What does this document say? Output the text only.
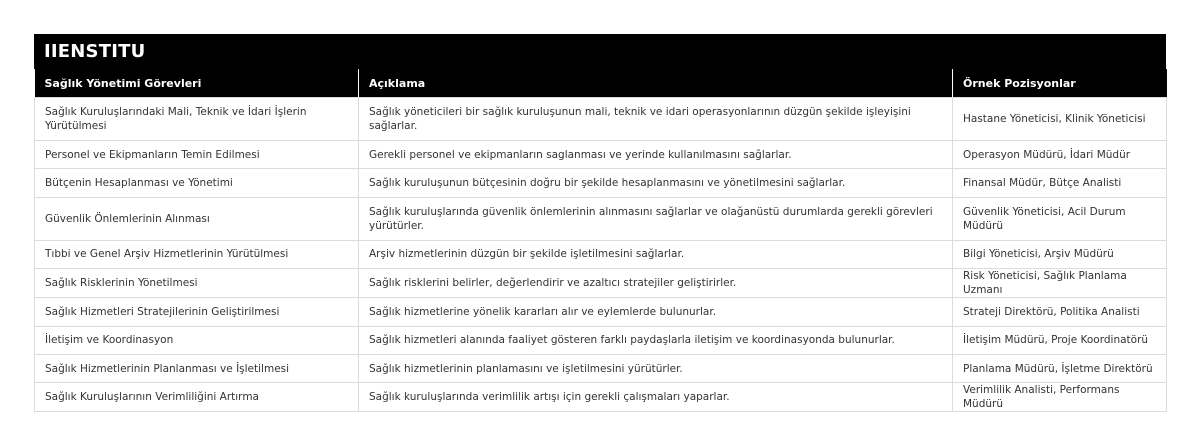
IIENSTITU
Sağlık Yönetimi Görevleri	Açıklama	Örnek Pozisyonlar
Sağlık Kuruluşlarındaki Mali, Teknik ve İdari İşlerin Yürütülmesi	Sağlık yöneticileri bir sağlık kuruluşunun mali, teknik ve idari operasyonlarının düzgün şekilde işleyişini sağlarlar.	Hastane Yöneticisi, Klinik Yöneticisi
Personel ve Ekipmanların Temin Edilmesi	Gerekli personel ve ekipmanların saglanması ve yerinde kullanılmasını sağlarlar.	Operasyon Müdürü, İdari Müdür
Bütçenin Hesaplanması ve Yönetimi	Sağlık kuruluşunun bütçesinin doğru bir şekilde hesaplanmasını ve yönetilmesini sağlarlar.	Finansal Müdür, Bütçe Analisti
Güvenlik Önlemlerinin Alınması	Sağlık kuruluşlarında güvenlik önlemlerinin alınmasını sağlarlar ve olağanüstü durumlarda gerekli görevleri yürütürler.	Güvenlik Yöneticisi, Acil Durum Müdürü
Tıbbi ve Genel Arşiv Hizmetlerinin Yürütülmesi	Arşiv hizmetlerinin düzgün bir şekilde işletilmesini sağlarlar.	Bilgi Yöneticisi, Arşiv Müdürü
Sağlık Risklerinin Yönetilmesi	Sağlık risklerini belirler, değerlendirir ve azaltıcı stratejiler geliştirirler.	Risk Yöneticisi, Sağlık Planlama Uzmanı
Sağlık Hizmetleri Stratejilerinin Geliştirilmesi	Sağlık hizmetlerine yönelik kararları alır ve eylemlerde bulunurlar.	Strateji Direktörü, Politika Analisti
İletişim ve Koordinasyon	Sağlık hizmetleri alanında faaliyet gösteren farklı paydaşlarla iletişim ve koordinasyonda bulunurlar.	İletişim Müdürü, Proje Koordinatörü
Sağlık Hizmetlerinin Planlanması ve İşletilmesi	Sağlık hizmetlerinin planlamasını ve işletilmesini yürütürler.	Planlama Müdürü, İşletme Direktörü
Sağlık Kuruluşlarının Verimliliğini Artırma	Sağlık kuruluşlarında verimlilik artışı için gerekli çalışmaları yaparlar.	Verimlilik Analisti, Performans Müdürü
